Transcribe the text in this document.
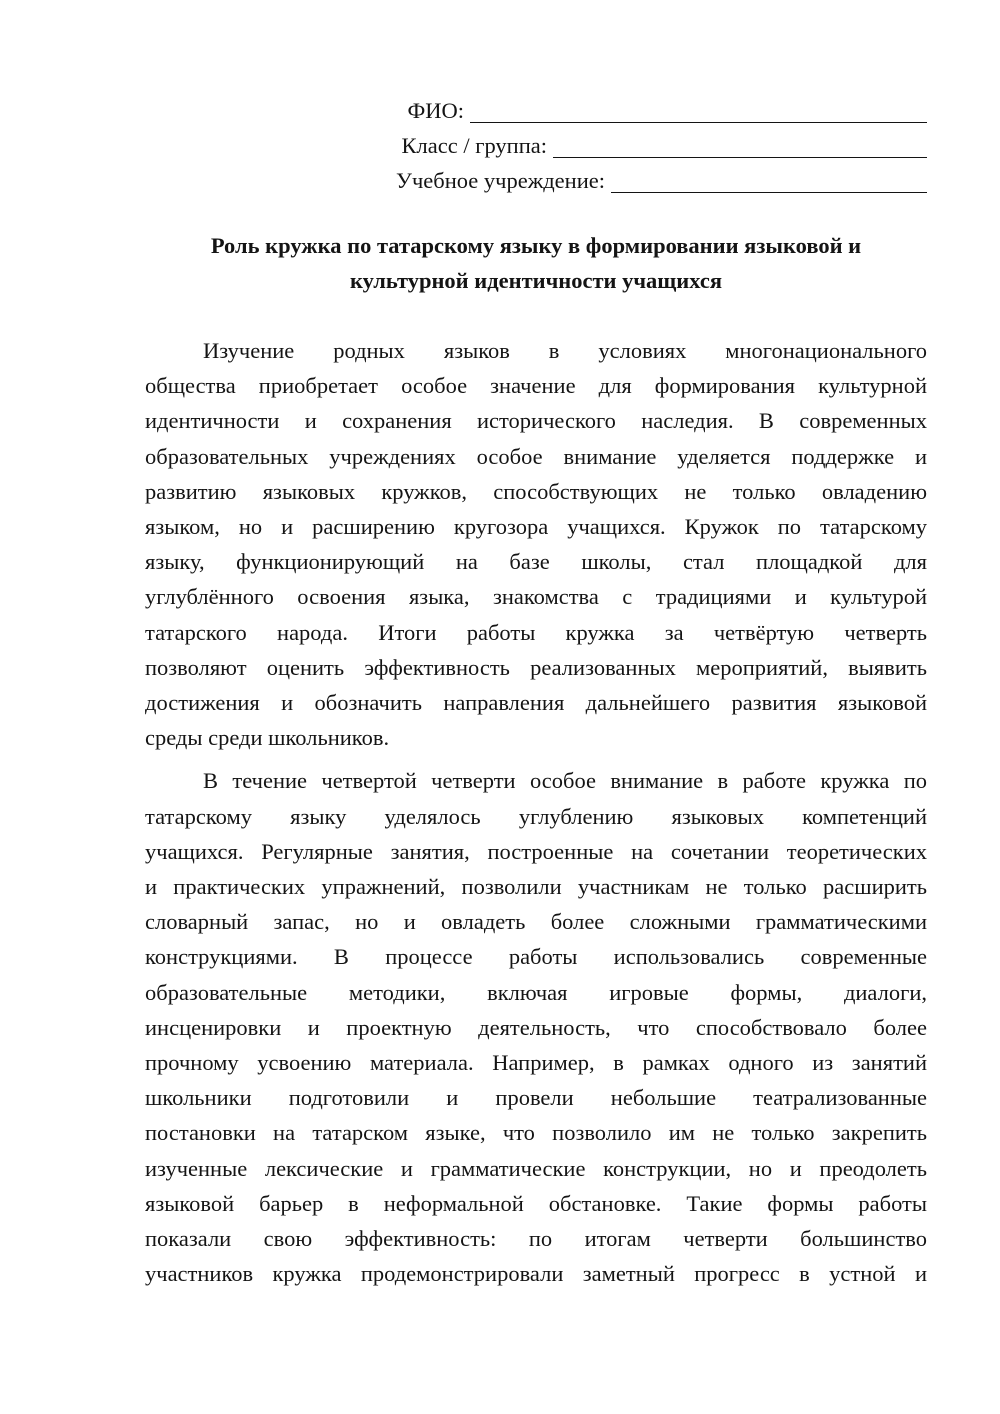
ФИО:
Класс / группа:
Учебное учреждение:
Роль кружка по татарскому языку в формировании языковой и
культурной идентичности учащихся
Изучение родных языков в условиях многонационального
общества приобретает особое значение для формирования культурной
идентичности и сохранения исторического наследия. В современных
образовательных учреждениях особое внимание уделяется поддержке и
развитию языковых кружков, способствующих не только овладению
языком, но и расширению кругозора учащихся. Кружок по татарскому
языку, функционирующий на базе школы, стал площадкой для
углублённого освоения языка, знакомства с традициями и культурой
татарского народа. Итоги работы кружка за четвёртую четверть
позволяют оценить эффективность реализованных мероприятий, выявить
достижения и обозначить направления дальнейшего развития языковой
среды среди школьников.
В течение четвертой четверти особое внимание в работе кружка по
татарскому языку уделялось углублению языковых компетенций
учащихся. Регулярные занятия, построенные на сочетании теоретических
и практических упражнений, позволили участникам не только расширить
словарный запас, но и овладеть более сложными грамматическими
конструкциями. В процессе работы использовались современные
образовательные методики, включая игровые формы, диалоги,
инсценировки и проектную деятельность, что способствовало более
прочному усвоению материала. Например, в рамках одного из занятий
школьники подготовили и провели небольшие театрализованные
постановки на татарском языке, что позволило им не только закрепить
изученные лексические и грамматические конструкции, но и преодолеть
языковой барьер в неформальной обстановке. Такие формы работы
показали свою эффективность: по итогам четверти большинство
участников кружка продемонстрировали заметный прогресс в устной и
